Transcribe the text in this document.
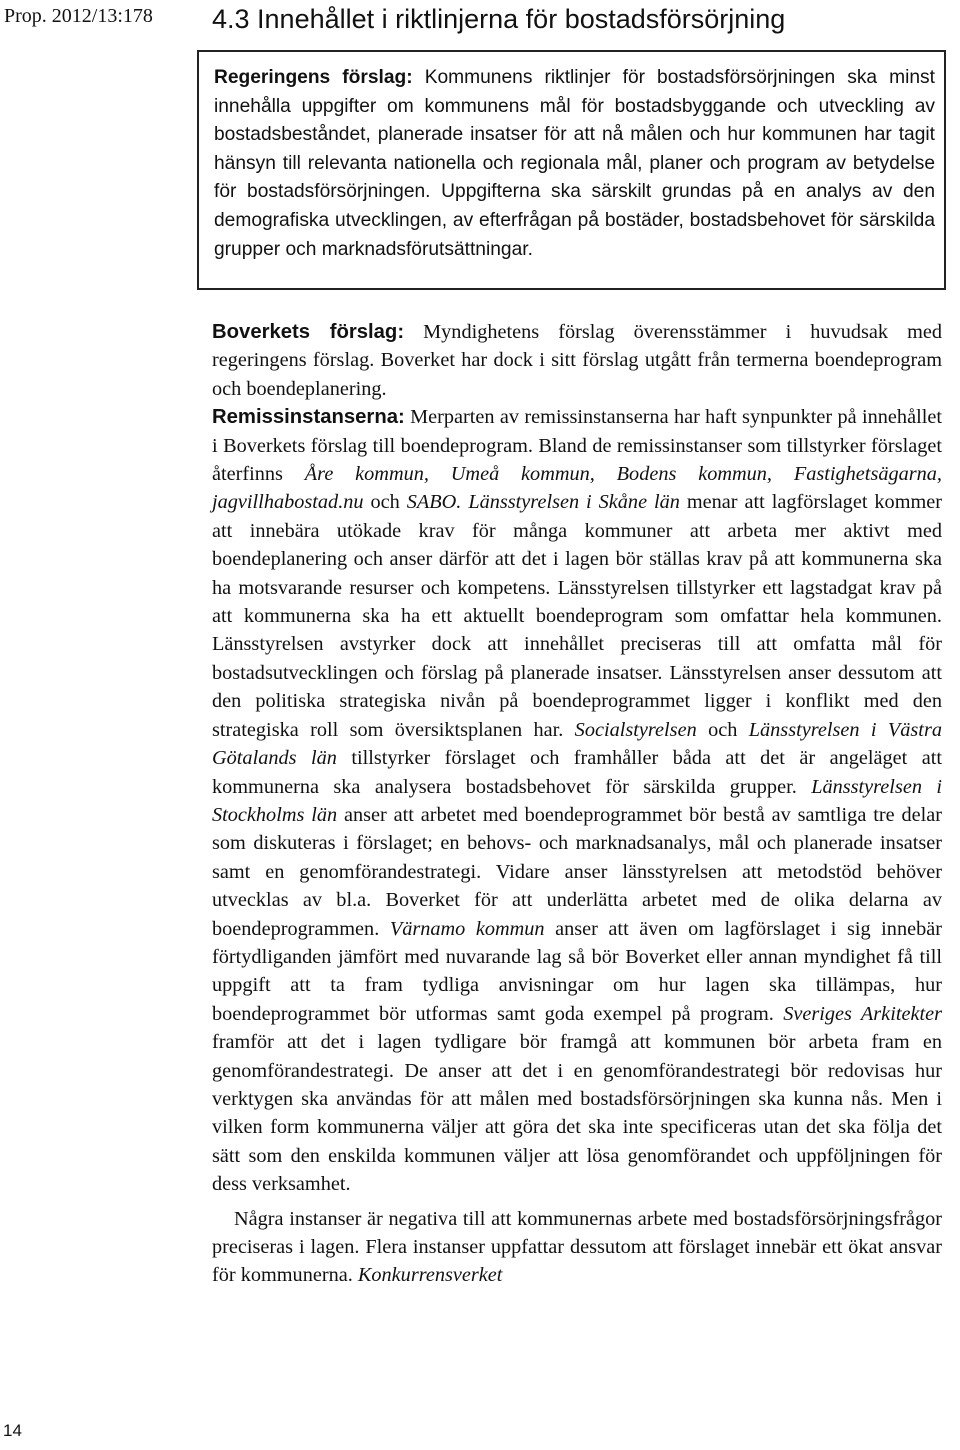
Prop. 2012/13:178 4.3 Innehållet i riktlinjerna för bostadsförsörjning
Regeringens förslag: Kommunens riktlinjer för bostadsförsörjningen ska minst innehålla uppgifter om kommunens mål för bostadsbyggande och utveckling av bostadsbeståndet, planerade insatser för att nå målen och hur kommunen har tagit hänsyn till relevanta nationella och regionala mål, planer och program av betydelse för bostadsförsörjningen. Uppgifterna ska särskilt grundas på en analys av den demografiska utvecklingen, av efterfrågan på bostäder, bostadsbehovet för särskilda grupper och marknadsförutsättningar.

Boverkets förslag: Myndighetens förslag överensstämmer i huvudsak med regeringens förslag. Boverket har dock i sitt förslag utgått från termerna boendeprogram och boendeplanering.

Remissinstanserna: Merparten av remissinstanserna har haft synpunkter på innehållet i Boverkets förslag till boendeprogram. Bland de remissinstanser som tillstyrker förslaget återfinns Åre kommun, Umeå kommun, Bodens kommun, Fastighetsägarna, jagvillhabostad.nu och SABO. Länsstyrelsen i Skåne län menar att lagförslaget kommer att innebära utökade krav för många kommuner att arbeta mer aktivt med boendeplanering och anser därför att det i lagen bör ställas krav på att kommunerna ska ha motsvarande resurser och kompetens. Länsstyrelsen tillstyrker ett lagstadgat krav på att kommunerna ska ha ett aktuellt boendeprogram som omfattar hela kommunen. Länsstyrelsen avstyrker dock att innehållet preciseras till att omfatta mål för bostadsutvecklingen och förslag på planerade insatser. Länsstyrelsen anser dessutom att den politiska strategiska nivån på boendeprogrammet ligger i konflikt med den strategiska roll som översiktsplanen har. Socialstyrelsen och Länsstyrelsen i Västra Götalands län tillstyrker förslaget och framhåller båda att det är angeläget att kommunerna ska analysera bostadsbehovet för särskilda grupper. Länsstyrelsen i Stockholms län anser att arbetet med boendeprogrammet bör bestå av samtliga tre delar som diskuteras i förslaget; en behovs- och marknadsanalys, mål och planerade insatser samt en genomförandestrategi. Vidare anser länsstyrelsen att metodstöd behöver utvecklas av bl.a. Boverket för att underlätta arbetet med de olika delarna av boendeprogrammen. Värnamo kommun anser att även om lagförslaget i sig innebär förtydliganden jämfört med nuvarande lag så bör Boverket eller annan myndighet få till uppgift att ta fram tydliga anvisningar om hur lagen ska tillämpas, hur boendeprogrammet bör utformas samt goda exempel på program. Sveriges Arkitekter framför att det i lagen tydligare bör framgå att kommunen bör arbeta fram en genomförandestrategi. De anser att det i en genomförandestrategi bör redovisas hur verktygen ska användas för att målen med bostadsförsörjningen ska kunna nås. Men i vilken form kommunerna väljer att göra det ska inte specificeras utan det ska följa det sätt som den enskilda kommunen väljer att lösa genomförandet och uppföljningen för dess verksamhet.

Några instanser är negativa till att kommunernas arbete med bostadsförsörjningsfrågor preciseras i lagen. Flera instanser uppfattar dessutom att förslaget innebär ett ökat ansvar för kommunerna. Konkurrensverket

14
